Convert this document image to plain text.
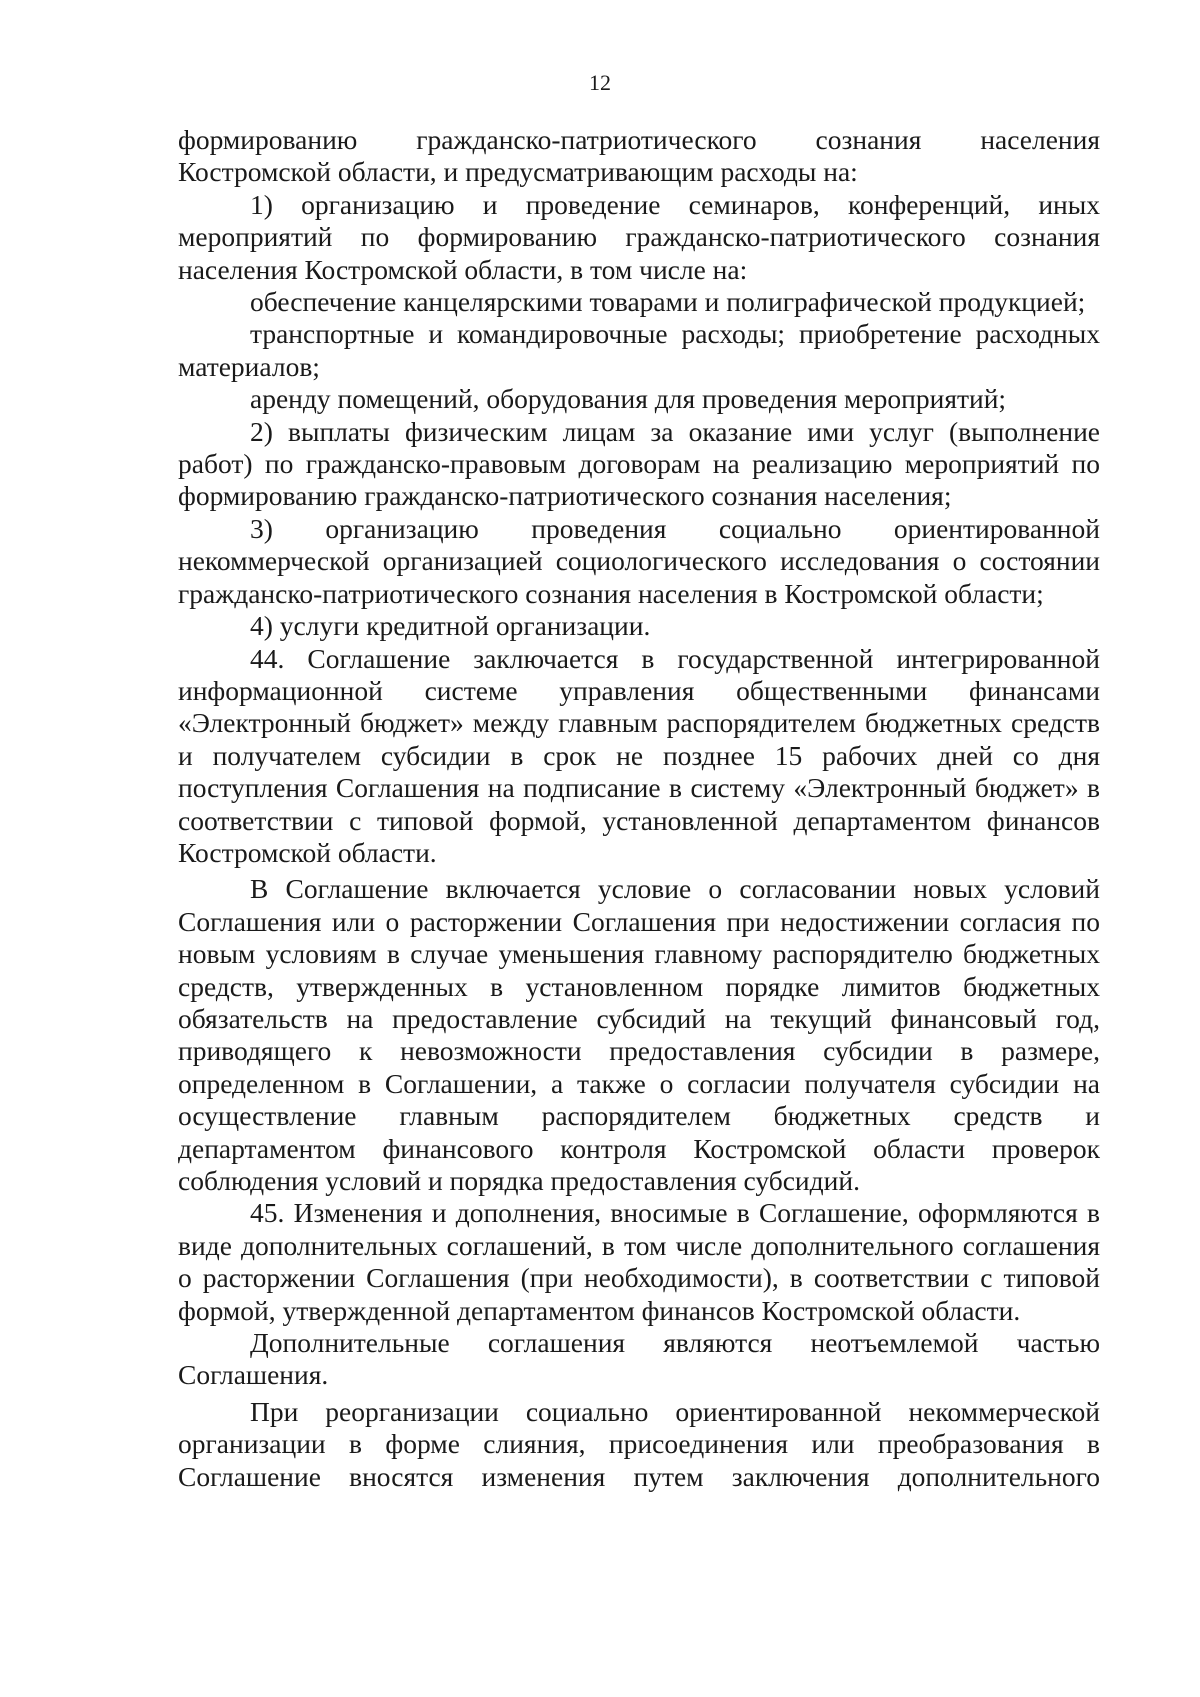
12

формированию гражданско-патриотического сознания населения Костромской области, и предусматривающим расходы на:

1) организацию и проведение семинаров, конференций, иных мероприятий по формированию гражданско-патриотического сознания населения Костромской области, в том числе на:

обеспечение канцелярскими товарами и полиграфической продукцией;

транспортные и командировочные расходы; приобретение расходных материалов;

аренду помещений, оборудования для проведения мероприятий;

2) выплаты физическим лицам за оказание ими услуг (выполнение работ) по гражданско-правовым договорам на реализацию мероприятий по формированию гражданско-патриотического сознания населения;

3) организацию проведения социально ориентированной некоммерческой организацией социологического исследования о состоянии гражданско-патриотического сознания населения в Костромской области;

4) услуги кредитной организации.

44. Соглашение заключается в государственной интегрированной информационной системе управления общественными финансами «Электронный бюджет» между главным распорядителем бюджетных средств и получателем субсидии в срок не позднее 15 рабочих дней со дня поступления Соглашения на подписание в систему «Электронный бюджет» в соответствии с типовой формой, установленной департаментом финансов Костромской области.

В Соглашение включается условие о согласовании новых условий Соглашения или о расторжении Соглашения при недостижении согласия по новым условиям в случае уменьшения главному распорядителю бюджетных средств, утвержденных в установленном порядке лимитов бюджетных обязательств на предоставление субсидий на текущий финансовый год, приводящего к невозможности предоставления субсидии в размере, определенном в Соглашении, а также о согласии получателя субсидии на осуществление главным распорядителем бюджетных средств и департаментом финансового контроля Костромской области проверок соблюдения условий и порядка предоставления субсидий.

45. Изменения и дополнения, вносимые в Соглашение, оформляются в виде дополнительных соглашений, в том числе дополнительного соглашения о расторжении Соглашения (при необходимости), в соответствии с типовой формой, утвержденной департаментом финансов Костромской области.

Дополнительные соглашения являются неотъемлемой частью Соглашения.

При реорганизации социально ориентированной некоммерческой организации в форме слияния, присоединения или преобразования в Соглашение вносятся изменения путем заключения дополнительного
